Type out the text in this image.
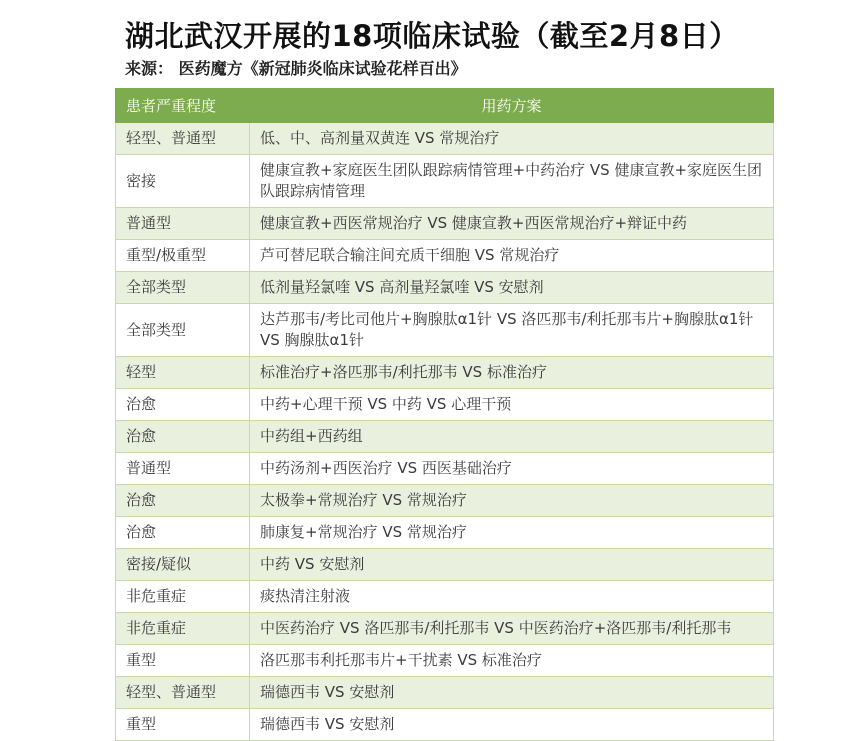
湖北武汉开展的18项临床试验（截至2月8日）
来源： 医药魔方《新冠肺炎临床试验花样百出》
患者严重程度	用药方案
轻型、普通型	低、中、高剂量双黄连 VS 常规治疗
密接	健康宣教+家庭医生团队跟踪病情管理+中药治疗 VS 健康宣教+家庭医生团队跟踪病情管理
普通型	健康宣教+西医常规治疗 VS 健康宣教+西医常规治疗+辩证中药
重型/极重型	芦可替尼联合输注间充质干细胞 VS 常规治疗
全部类型	低剂量羟氯喹 VS 高剂量羟氯喹 VS 安慰剂
全部类型	达芦那韦/考比司他片+胸腺肽α1针 VS 洛匹那韦/利托那韦片+胸腺肽α1针 VS 胸腺肽α1针
轻型	标准治疗+洛匹那韦/利托那韦 VS 标准治疗
治愈	中药+心理干预 VS 中药 VS 心理干预
治愈	中药组+西药组
普通型	中药汤剂+西医治疗 VS 西医基础治疗
治愈	太极拳+常规治疗 VS 常规治疗
治愈	肺康复+常规治疗 VS 常规治疗
密接/疑似	中药 VS 安慰剂
非危重症	痰热清注射液
非危重症	中医药治疗 VS 洛匹那韦/利托那韦 VS 中医药治疗+洛匹那韦/利托那韦
重型	洛匹那韦利托那韦片+干扰素 VS 标准治疗
轻型、普通型	瑞德西韦 VS 安慰剂
重型	瑞德西韦 VS 安慰剂
